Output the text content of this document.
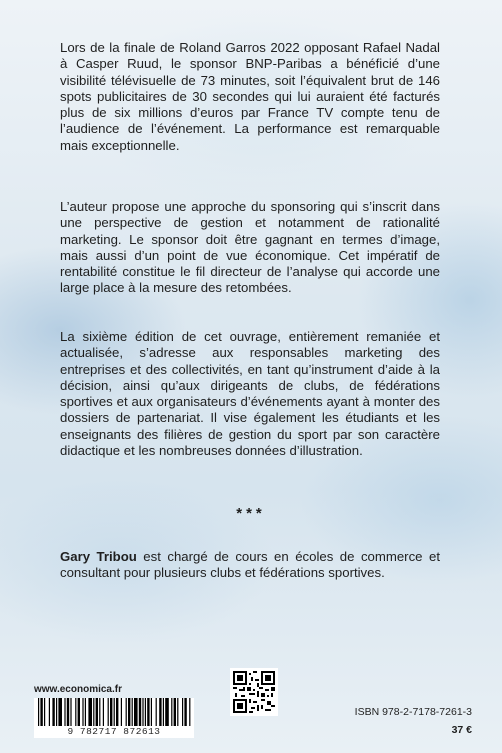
Lors de la finale de Roland Garros 2022 opposant Rafael Nadal à Casper Ruud, le sponsor BNP-Paribas a bénéficié d’une visibilité télévisuelle de 73 minutes, soit l’équivalent brut de 146 spots publicitaires de 30 secondes qui lui auraient été facturés plus de six millions d’euros par France TV compte tenu de l’audience de l’événement. La performance est remarquable mais exceptionnelle.
L’auteur propose une approche du sponsoring qui s’inscrit dans une perspective de gestion et notamment de rationalité marketing. Le sponsor doit être gagnant en termes d’image, mais aussi d’un point de vue économique. Cet impératif de rentabilité constitue le fil directeur de l’analyse qui accorde une large place à la mesure des retombées.
La sixième édition de cet ouvrage, entièrement remaniée et actualisée, s’adresse aux responsables marketing des entreprises et des collectivités, en tant qu’instrument d’aide à la décision, ainsi qu’aux dirigeants de clubs, de fédérations sportives et aux organisateurs d’événements ayant à monter des dossiers de partenariat. Il vise également les étudiants et les enseignants des filières de gestion du sport par son caractère didactique et les nombreuses données d’illustration.
***
Gary Tribou est chargé de cours en écoles de commerce et consultant pour plusieurs clubs et fédérations sportives.
www.economica.fr
9 782717 872613
ISBN 978-2-7178-7261-3
37 €
